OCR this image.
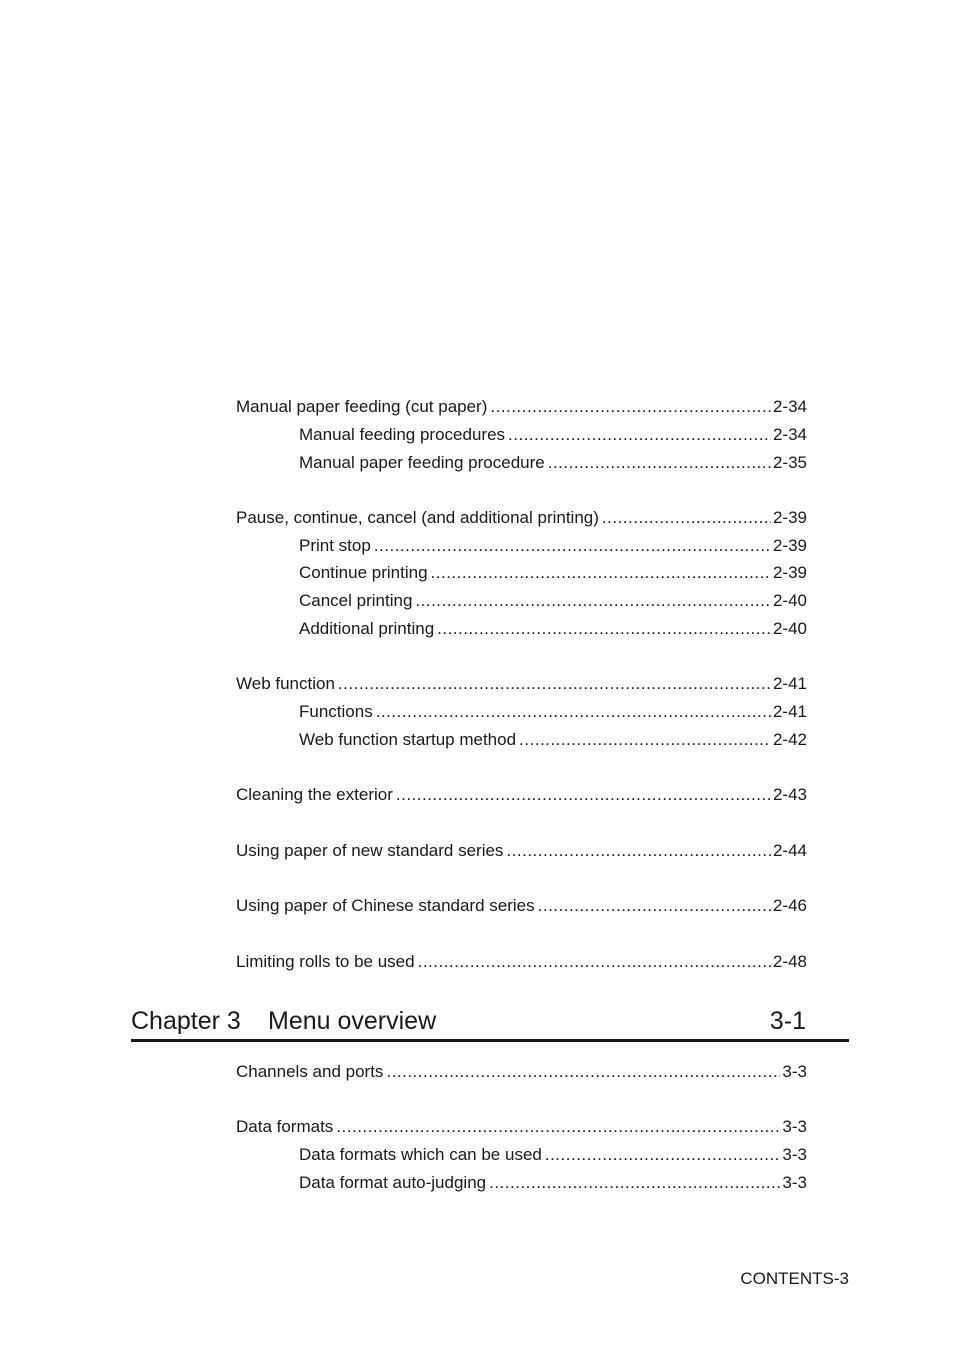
Manual paper feeding (cut paper) .....	2-34
Manual feeding procedures .....	2-34
Manual paper feeding procedure .....	2-35
Pause, continue, cancel (and additional printing) .....	2-39
Print stop .....	2-39
Continue printing .....	2-39
Cancel printing .....	2-40
Additional printing .....	2-40
Web function .....	2-41
Functions .....	2-41
Web function startup method .....	2-42
Cleaning the exterior .....	2-43
Using paper of new standard series .....	2-44
Using paper of Chinese standard series .....	2-46
Limiting rolls to be used .....	2-48
Chapter 3 Menu overview	3-1
Channels and ports .....	3-3
Data formats .....	3-3
Data formats which can be used .....	3-3
Data format auto-judging .....	3-3
CONTENTS-3
